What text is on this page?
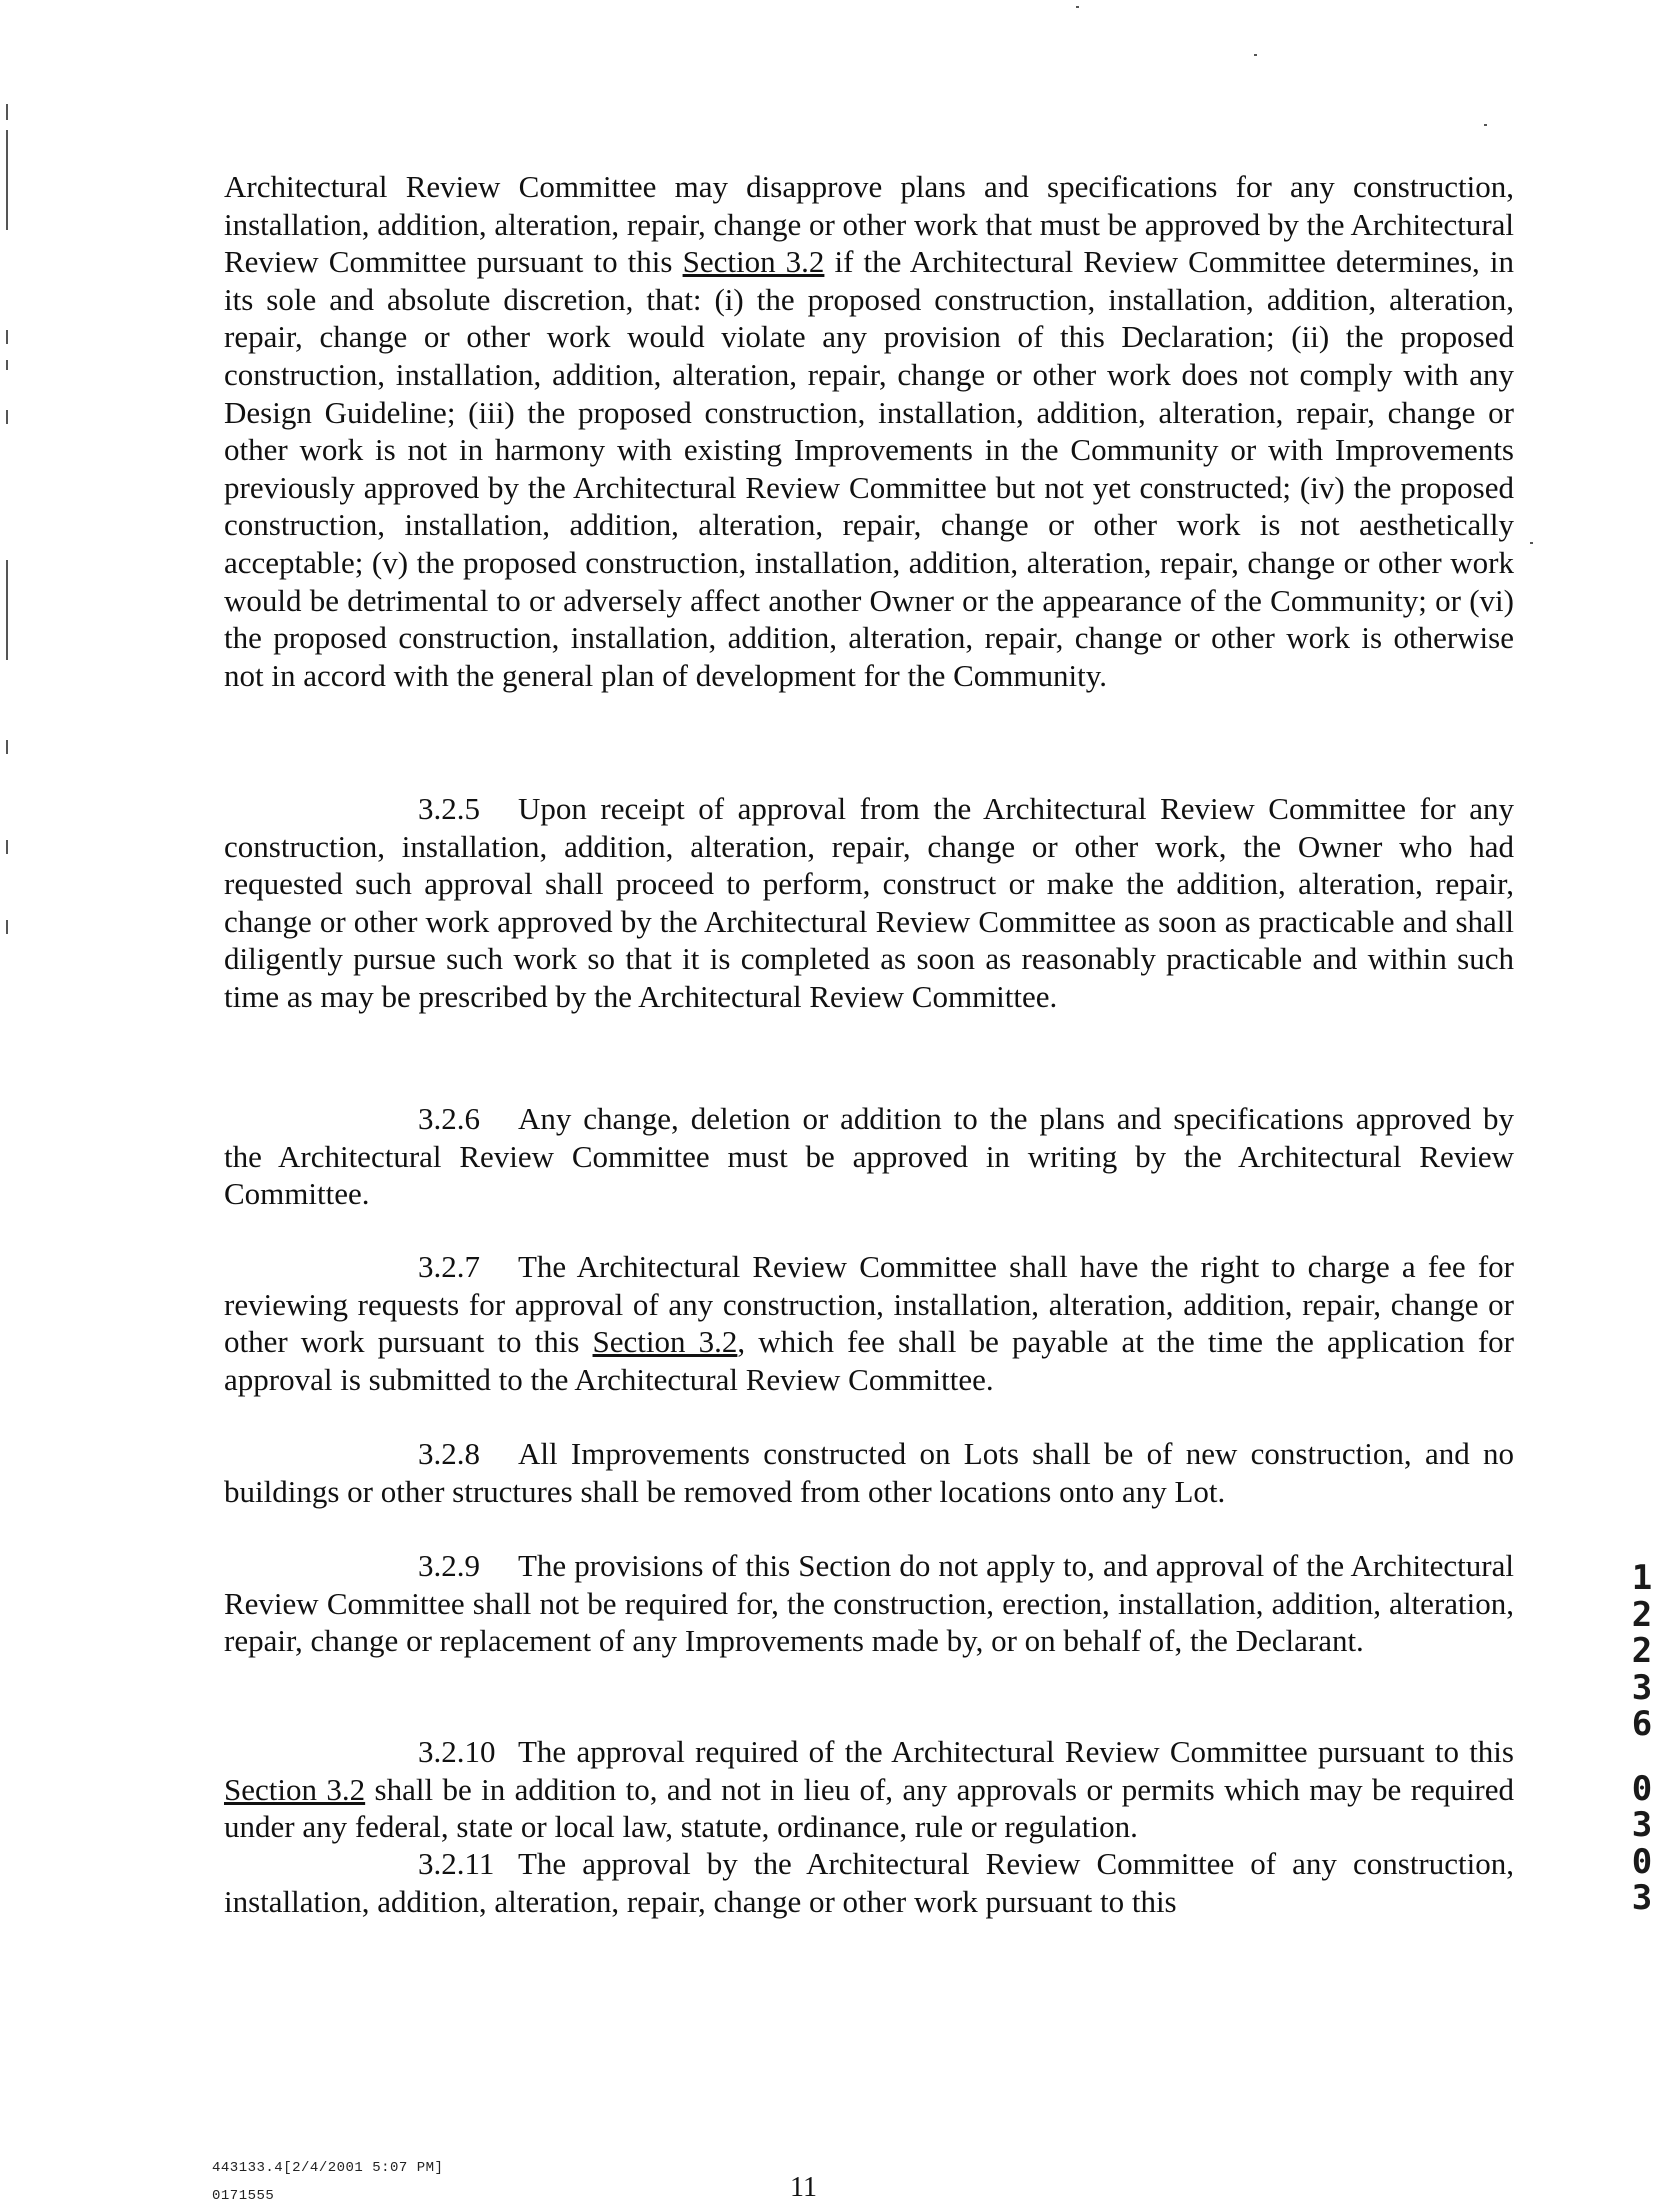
Architectural Review Committee may disapprove plans and specifications for any construction, installation, addition, alteration, repair, change or other work that must be approved by the Architectural Review Committee pursuant to this Section 3.2 if the Architectural Review Committee determines, in its sole and absolute discretion, that: (i) the proposed construction, installation, addition, alteration, repair, change or other work would violate any provision of this Declaration; (ii) the proposed construction, installation, addition, alteration, repair, change or other work does not comply with any Design Guideline; (iii) the proposed construction, installation, addition, alteration, repair, change or other work is not in harmony with existing Improvements in the Community or with Improvements previously approved by the Architectural Review Committee but not yet constructed; (iv) the proposed construction, installation, addition, alteration, repair, change or other work is not aesthetically acceptable; (v) the proposed construction, installation, addition, alteration, repair, change or other work would be detrimental to or adversely affect another Owner or the appearance of the Community; or (vi) the proposed construction, installation, addition, alteration, repair, change or other work is otherwise not in accord with the general plan of development for the Community.
3.2.5 Upon receipt of approval from the Architectural Review Committee for any construction, installation, addition, alteration, repair, change or other work, the Owner who had requested such approval shall proceed to perform, construct or make the addition, alteration, repair, change or other work approved by the Architectural Review Committee as soon as practicable and shall diligently pursue such work so that it is completed as soon as reasonably practicable and within such time as may be prescribed by the Architectural Review Committee.
3.2.6 Any change, deletion or addition to the plans and specifications approved by the Architectural Review Committee must be approved in writing by the Architectural Review Committee.
3.2.7 The Architectural Review Committee shall have the right to charge a fee for reviewing requests for approval of any construction, installation, alteration, addition, repair, change or other work pursuant to this Section 3.2, which fee shall be payable at the time the application for approval is submitted to the Architectural Review Committee.
3.2.8 All Improvements constructed on Lots shall be of new construction, and no buildings or other structures shall be removed from other locations onto any Lot.
3.2.9 The provisions of this Section do not apply to, and approval of the Architectural Review Committee shall not be required for, the construction, erection, installation, addition, alteration, repair, change or replacement of any Improvements made by, or on behalf of, the Declarant.
3.2.10 The approval required of the Architectural Review Committee pursuant to this Section 3.2 shall be in addition to, and not in lieu of, any approvals or permits which may be required under any federal, state or local law, statute, ordinance, rule or regulation.
3.2.11 The approval by the Architectural Review Committee of any construction, installation, addition, alteration, repair, change or other work pursuant to this
1
2
2
3
6
0
3
0
3
443133.4[2/4/2001 5:07 PM]
0171555	11
